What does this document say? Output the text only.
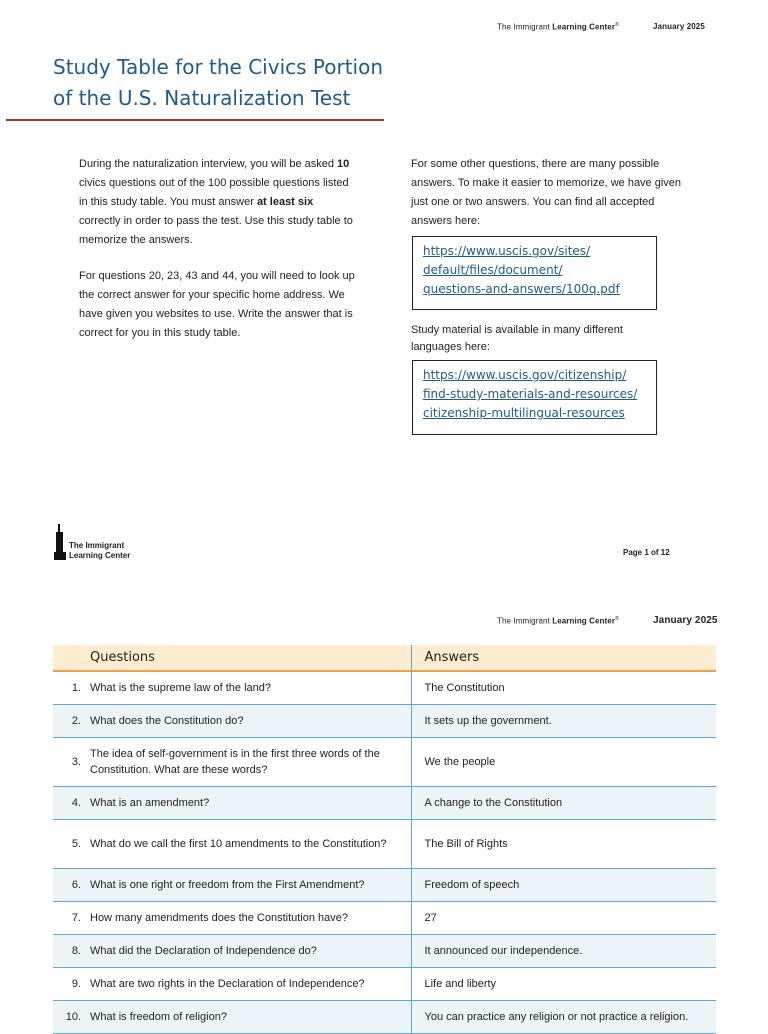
The Immigrant Learning Center®	January 2025
Study Table for the Civics Portion
of the U.S. Naturalization Test
During the naturalization interview, you will be asked 10 civics questions out of the 100 possible questions listed in this study table. You must answer at least six correctly in order to pass the test. Use this study table to memorize the answers.
For questions 20, 23, 43 and 44, you will need to look up the correct answer for your specific home address. We have given you websites to use. Write the answer that is correct for you in this study table.
For some other questions, there are many possible answers. To make it easier to memorize, we have given just one or two answers. You can find all accepted answers here:
https://www.uscis.gov/sites/
default/files/document/
questions-and-answers/100q.pdf
Study material is available in many different languages here:
https://www.uscis.gov/citizenship/
find-study-materials-and-resources/
citizenship-multilingual-resources
The Immigrant
Learning Center	Page 1 of 12
The Immigrant Learning Center®	January 2025
	Questions	Answers
1.	What is the supreme law of the land?	The Constitution
2.	What does the Constitution do?	It sets up the government.
3.	The idea of self-government is in the first three words of the Constitution. What are these words?	We the people
4.	What is an amendment?	A change to the Constitution
5.	What do we call the first 10 amendments to the Constitution?	The Bill of Rights
6.	What is one right or freedom from the First Amendment?	Freedom of speech
7.	How many amendments does the Constitution have?	27
8.	What did the Declaration of Independence do?	It announced our independence.
9.	What are two rights in the Declaration of Independence?	Life and liberty
10.	What is freedom of religion?	You can practice any religion or not practice a religion.
